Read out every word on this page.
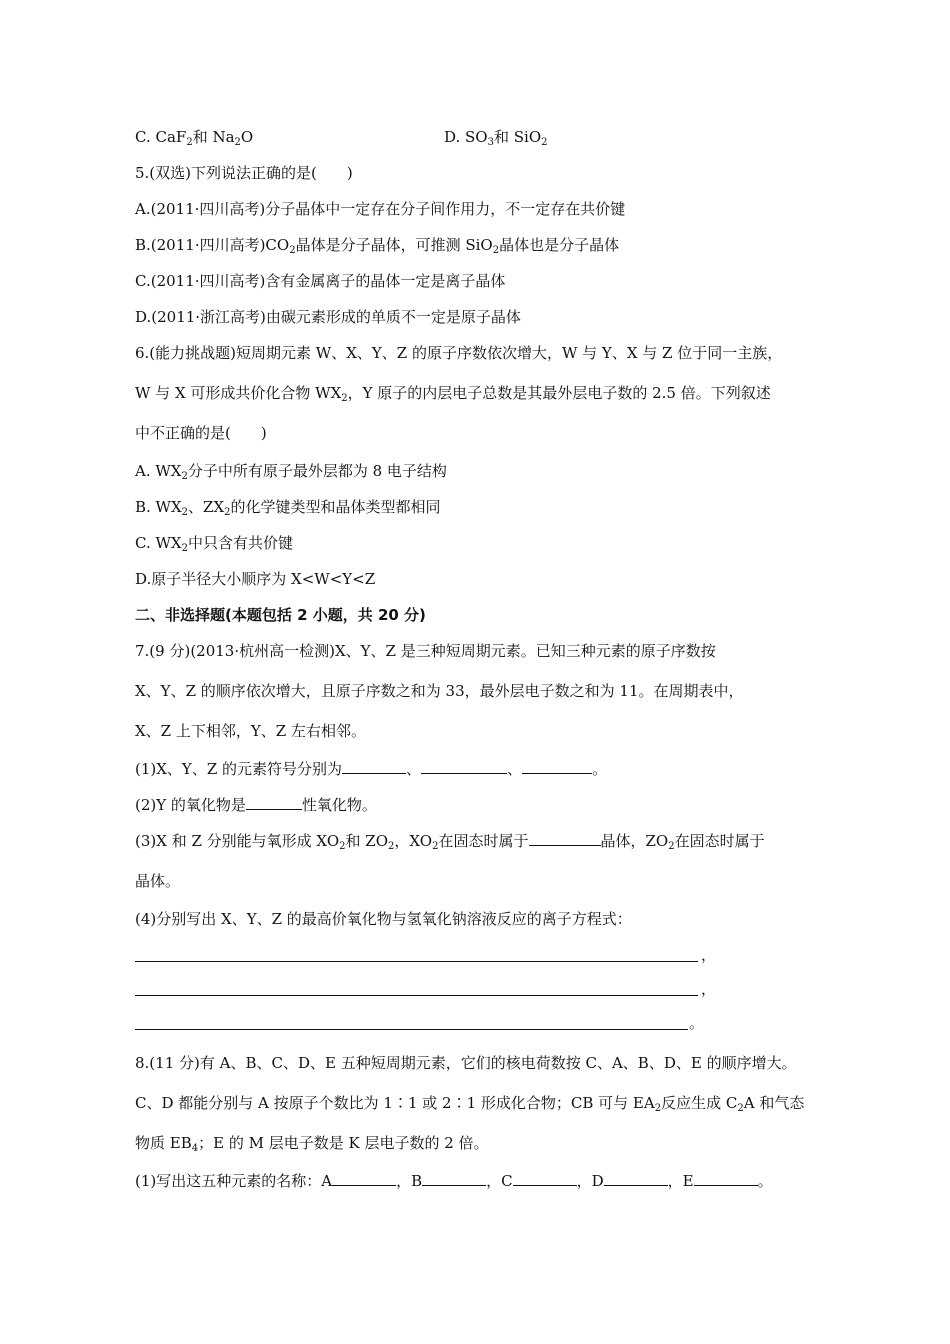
C. CaF$_2$和 $Na_2O$	D. $SO_3$和 SiO$_2$
5.(双选)下列说法正确的是(　　)
A.(2011·四川高考)分子晶体中一定存在分子间作用力，不一定存在共价键
B.(2011·四川高考)$CO_2$晶体是分子晶体，可推测 SiO$_2$晶体也是分子晶体
C.(2011·四川高考)含有金属离子的晶体一定是离子晶体
D.(2011·浙江高考)由碳元素形成的单质不一定是原子晶体
6.(能力挑战题)短周期元素 W、X、Y、Z 的原子序数依次增大，W 与 Y、X 与 Z 位于同一主族，
W 与 X 可形成共价化合物 $WX_2$，Y 原子的内层电子总数是其最外层电子数的 2.5 倍。下列叙述
中不正确的是(　　)
A. $WX_2$分子中所有原子最外层都为 8 电子结构
B. $WX_2$、$ZX_2$的化学键类型和晶体类型都相同
C. $WX_2$中只含有共价键
D.原子半径大小顺序为 X<W<Y<Z
二、非选择题(本题包括 2 小题，共 20 分)
7.(9 分)(2013·杭州高一检测)X、Y、Z 是三种短周期元素。已知三种元素的原子序数按
X、Y、Z 的顺序依次增大，且原子序数之和为 33，最外层电子数之和为 11。在周期表中，
X、Z 上下相邻，Y、Z 左右相邻。
(1)X、Y、Z 的元素符号分别为	、	、	。
(2)Y 的氧化物是	性氧化物。
(3)X 和 Z 分别能与氧形成 $XO_2$和 $ZO_2$，$XO_2$在固态时属于	晶体，$ZO_2$在固态时属于
晶体。
(4)分别写出 X、Y、Z 的最高价氧化物与氢氧化钠溶液反应的离子方程式：
，
，
。
8.(11 分)有 A、B、C、D、E 五种短周期元素，它们的核电荷数按 C、A、B、D、E 的顺序增大。
C、D 都能分别与 A 按原子个数比为 1∶1 或 2∶1 形成化合物；CB 可与 $EA_2$反应生成 $C_2A$ 和气态
物质 $EB_4$；E 的 M 层电子数是 K 层电子数的 2 倍。
(1)写出这五种元素的名称：A	，B	，C	，D	，E	。
